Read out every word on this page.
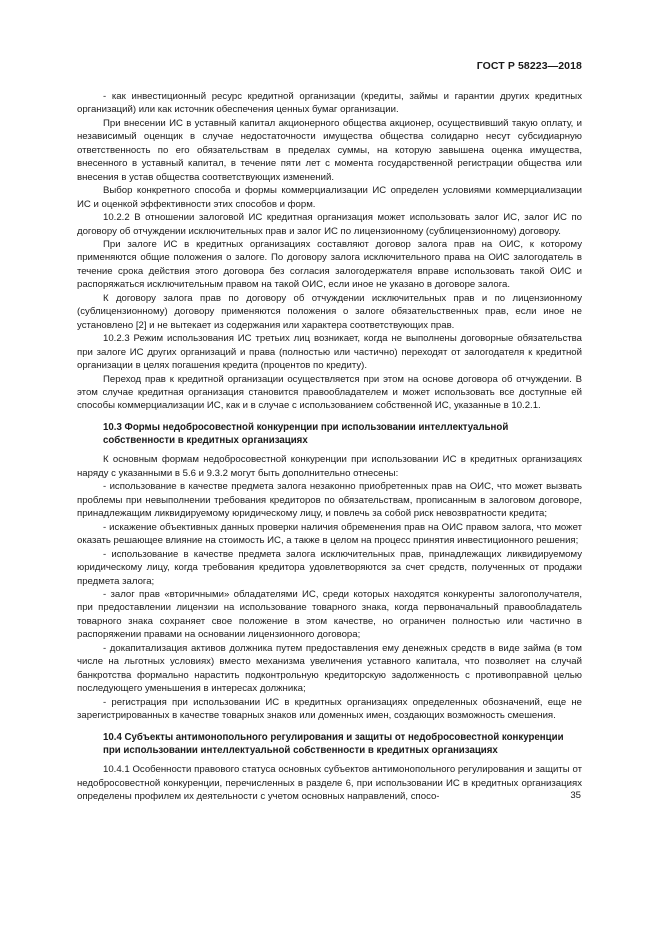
ГОСТ Р 58223—2018

- как инвестиционный ресурс кредитной организации (кредиты, займы и гарантии других кредитных организаций) или как источник обеспечения ценных бумаг организации.

При внесении ИС в уставный капитал акционерного общества акционер, осуществивший такую оплату, и независимый оценщик в случае недостаточности имущества общества солидарно несут субсидиарную ответственность по его обязательствам в пределах суммы, на которую завышена оценка имущества, внесенного в уставный капитал, в течение пяти лет с момента государственной регистрации общества или внесения в устав общества соответствующих изменений.

Выбор конкретного способа и формы коммерциализации ИС определен условиями коммерциализации ИС и оценкой эффективности этих способов и форм.

10.2.2 В отношении залоговой ИС кредитная организация может использовать залог ИС, залог ИС по договору об отчуждении исключительных прав и залог ИС по лицензионному (сублицензионному) договору.

При залоге ИС в кредитных организациях составляют договор залога прав на ОИС, к которому применяются общие положения о залоге. По договору залога исключительного права на ОИС залогодатель в течение срока действия этого договора без согласия залогодержателя вправе использовать такой ОИС и распоряжаться исключительным правом на такой ОИС, если иное не указано в договоре залога.

К договору залога прав по договору об отчуждении исключительных прав и по лицензионному (сублицензионному) договору применяются положения о залоге обязательственных прав, если иное не установлено [2] и не вытекает из содержания или характера соответствующих прав.

10.2.3 Режим использования ИС третьих лиц возникает, когда не выполнены договорные обязательства при залоге ИС других организаций и права (полностью или частично) переходят от залогодателя к кредитной организации в целях погашения кредита (процентов по кредиту).

Переход прав к кредитной организации осуществляется при этом на основе договора об отчуждении. В этом случае кредитная организация становится правообладателем и может использовать все доступные ей способы коммерциализации ИС, как и в случае с использованием собственной ИС, указанные в 10.2.1.

10.3 Формы недобросовестной конкуренции при использовании интеллектуальной собственности в кредитных организациях

К основным формам недобросовестной конкуренции при использовании ИС в кредитных организациях наряду с указанными в 5.6 и 9.3.2 могут быть дополнительно отнесены:

- использование в качестве предмета залога незаконно приобретенных прав на ОИС, что может вызвать проблемы при невыполнении требования кредиторов по обязательствам, прописанным в залоговом договоре, принадлежащим ликвидируемому юридическому лицу, и повлечь за собой риск невозвратности кредита;

- искажение объективных данных проверки наличия обременения прав на ОИС правом залога, что может оказать решающее влияние на стоимость ИС, а также в целом на процесс принятия инвестиционного решения;

- использование в качестве предмета залога исключительных прав, принадлежащих ликвидируемому юридическому лицу, когда требования кредитора удовлетворяются за счет средств, полученных от продажи предмета залога;

- залог прав «вторичными» обладателями ИС, среди которых находятся конкуренты залогополучателя, при предоставлении лицензии на использование товарного знака, когда первоначальный правообладатель товарного знака сохраняет свое положение в этом качестве, но ограничен полностью или частично в распоряжении правами на основании лицензионного договора;

- докапитализация активов должника путем предоставления ему денежных средств в виде займа (в том числе на льготных условиях) вместо механизма увеличения уставного капитала, что позволяет на случай банкротства формально нарастить подконтрольную кредиторскую задолженность с противоправной целью последующего уменьшения в интересах должника;

- регистрация при использовании ИС в кредитных организациях определенных обозначений, еще не зарегистрированных в качестве товарных знаков или доменных имен, создающих возможность смешения.

10.4 Субъекты антимонопольного регулирования и защиты от недобросовестной конкуренции при использовании интеллектуальной собственности в кредитных организациях

10.4.1 Особенности правового статуса основных субъектов антимонопольного регулирования и защиты от недобросовестной конкуренции, перечисленных в разделе 6, при использовании ИС в кредитных организациях определены профилем их деятельности с учетом основных направлений, спосо-	35
